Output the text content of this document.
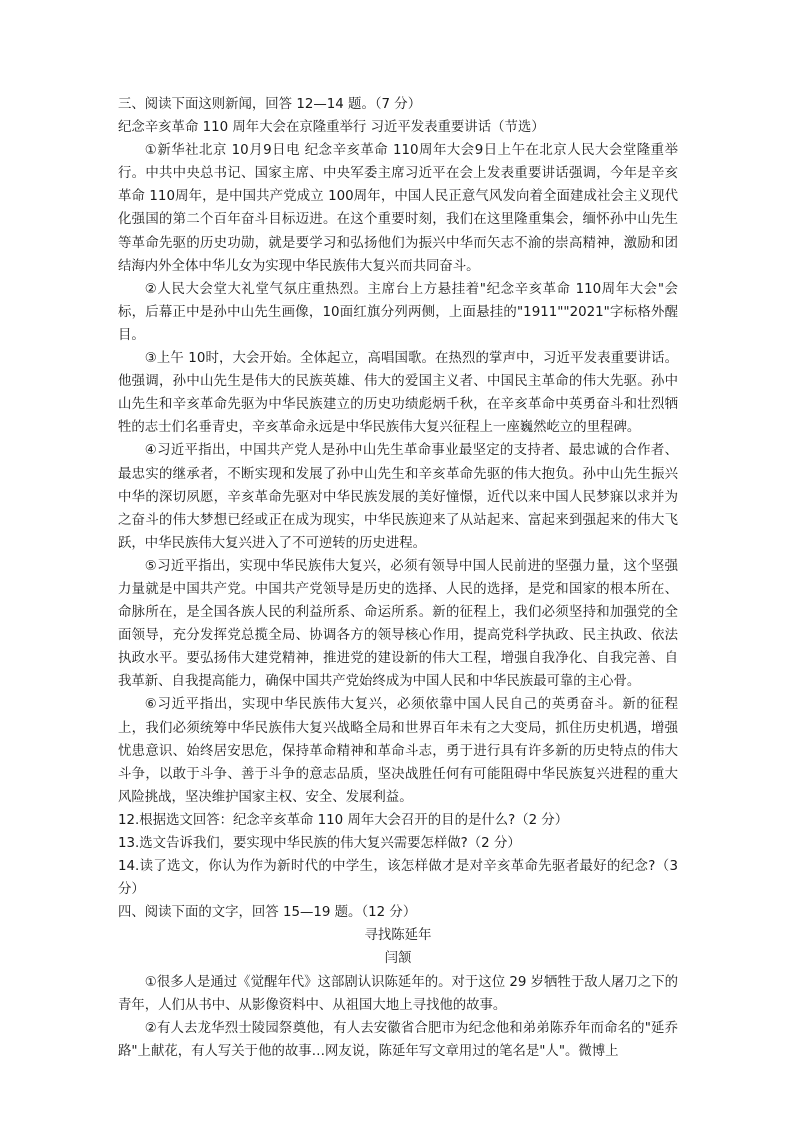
三、阅读下面这则新闻，回答 12—14 题。（7 分）

纪念辛亥革命 110 周年大会在京隆重举行 习近平发表重要讲话（节选）

①新华社北京 10月9日电 纪念辛亥革命 110周年大会9日上午在北京人民大会堂隆重举行。中共中央总书记、国家主席、中央军委主席习近平在会上发表重要讲话强调，今年是辛亥革命 110周年，是中国共产党成立 100周年，中国人民正意气风发向着全面建成社会主义现代化强国的第二个百年奋斗目标迈进。在这个重要时刻，我们在这里隆重集会，缅怀孙中山先生等革命先驱的历史功勋，就是要学习和弘扬他们为振兴中华而矢志不渝的崇高精神，激励和团结海内外全体中华儿女为实现中华民族伟大复兴而共同奋斗。

②人民大会堂大礼堂气氛庄重热烈。主席台上方悬挂着"纪念辛亥革命 110周年大会"会标，后幕正中是孙中山先生画像，10面红旗分列两侧，上面悬挂的"1911""2021"字标格外醒目。

③上午 10时，大会开始。全体起立，高唱国歌。在热烈的掌声中，习近平发表重要讲话。他强调，孙中山先生是伟大的民族英雄、伟大的爱国主义者、中国民主革命的伟大先驱。孙中山先生和辛亥革命先驱为中华民族建立的历史功绩彪炳千秋，在辛亥革命中英勇奋斗和壮烈牺牲的志士们名垂青史，辛亥革命永远是中华民族伟大复兴征程上一座巍然屹立的里程碑。

④习近平指出，中国共产党人是孙中山先生革命事业最坚定的支持者、最忠诚的合作者、最忠实的继承者，不断实现和发展了孙中山先生和辛亥革命先驱的伟大抱负。孙中山先生振兴中华的深切夙愿，辛亥革命先驱对中华民族发展的美好憧憬，近代以来中国人民梦寐以求并为之奋斗的伟大梦想已经或正在成为现实，中华民族迎来了从站起来、富起来到强起来的伟大飞跃，中华民族伟大复兴进入了不可逆转的历史进程。

⑤习近平指出，实现中华民族伟大复兴，必须有领导中国人民前进的坚强力量，这个坚强力量就是中国共产党。中国共产党领导是历史的选择、人民的选择，是党和国家的根本所在、命脉所在，是全国各族人民的利益所系、命运所系。新的征程上，我们必须坚持和加强党的全面领导，充分发挥党总揽全局、协调各方的领导核心作用，提高党科学执政、民主执政、依法执政水平。要弘扬伟大建党精神，推进党的建设新的伟大工程，增强自我净化、自我完善、自我革新、自我提高能力，确保中国共产党始终成为中国人民和中华民族最可靠的主心骨。

⑥习近平指出，实现中华民族伟大复兴，必须依靠中国人民自己的英勇奋斗。新的征程上，我们必须统筹中华民族伟大复兴战略全局和世界百年未有之大变局，抓住历史机遇，增强忧患意识、始终居安思危，保持革命精神和革命斗志，勇于进行具有许多新的历史特点的伟大斗争，以敢于斗争、善于斗争的意志品质，坚决战胜任何有可能阻碍中华民族复兴进程的重大风险挑战，坚决维护国家主权、安全、发展利益。

12.根据选文回答：纪念辛亥革命 110 周年大会召开的目的是什么?（2 分）

13.选文告诉我们，要实现中华民族的伟大复兴需要怎样做?（2 分）

14.读了选文，你认为作为新时代的中学生，该怎样做才是对辛亥革命先驱者最好的纪念?（3 分）

四、阅读下面的文字，回答 15—19 题。（12 分）

寻找陈延年

闫颔

①很多人是通过《觉醒年代》这部剧认识陈延年的。对于这位 29 岁牺牲于敌人屠刀之下的青年，人们从书中、从影像资料中、从祖国大地上寻找他的故事。

②有人去龙华烈士陵园祭奠他，有人去安徽省合肥市为纪念他和弟弟陈乔年而命名的"延乔路"上献花，有人写关于他的故事…网友说，陈延年写文章用过的笔名是"人"。微博上
